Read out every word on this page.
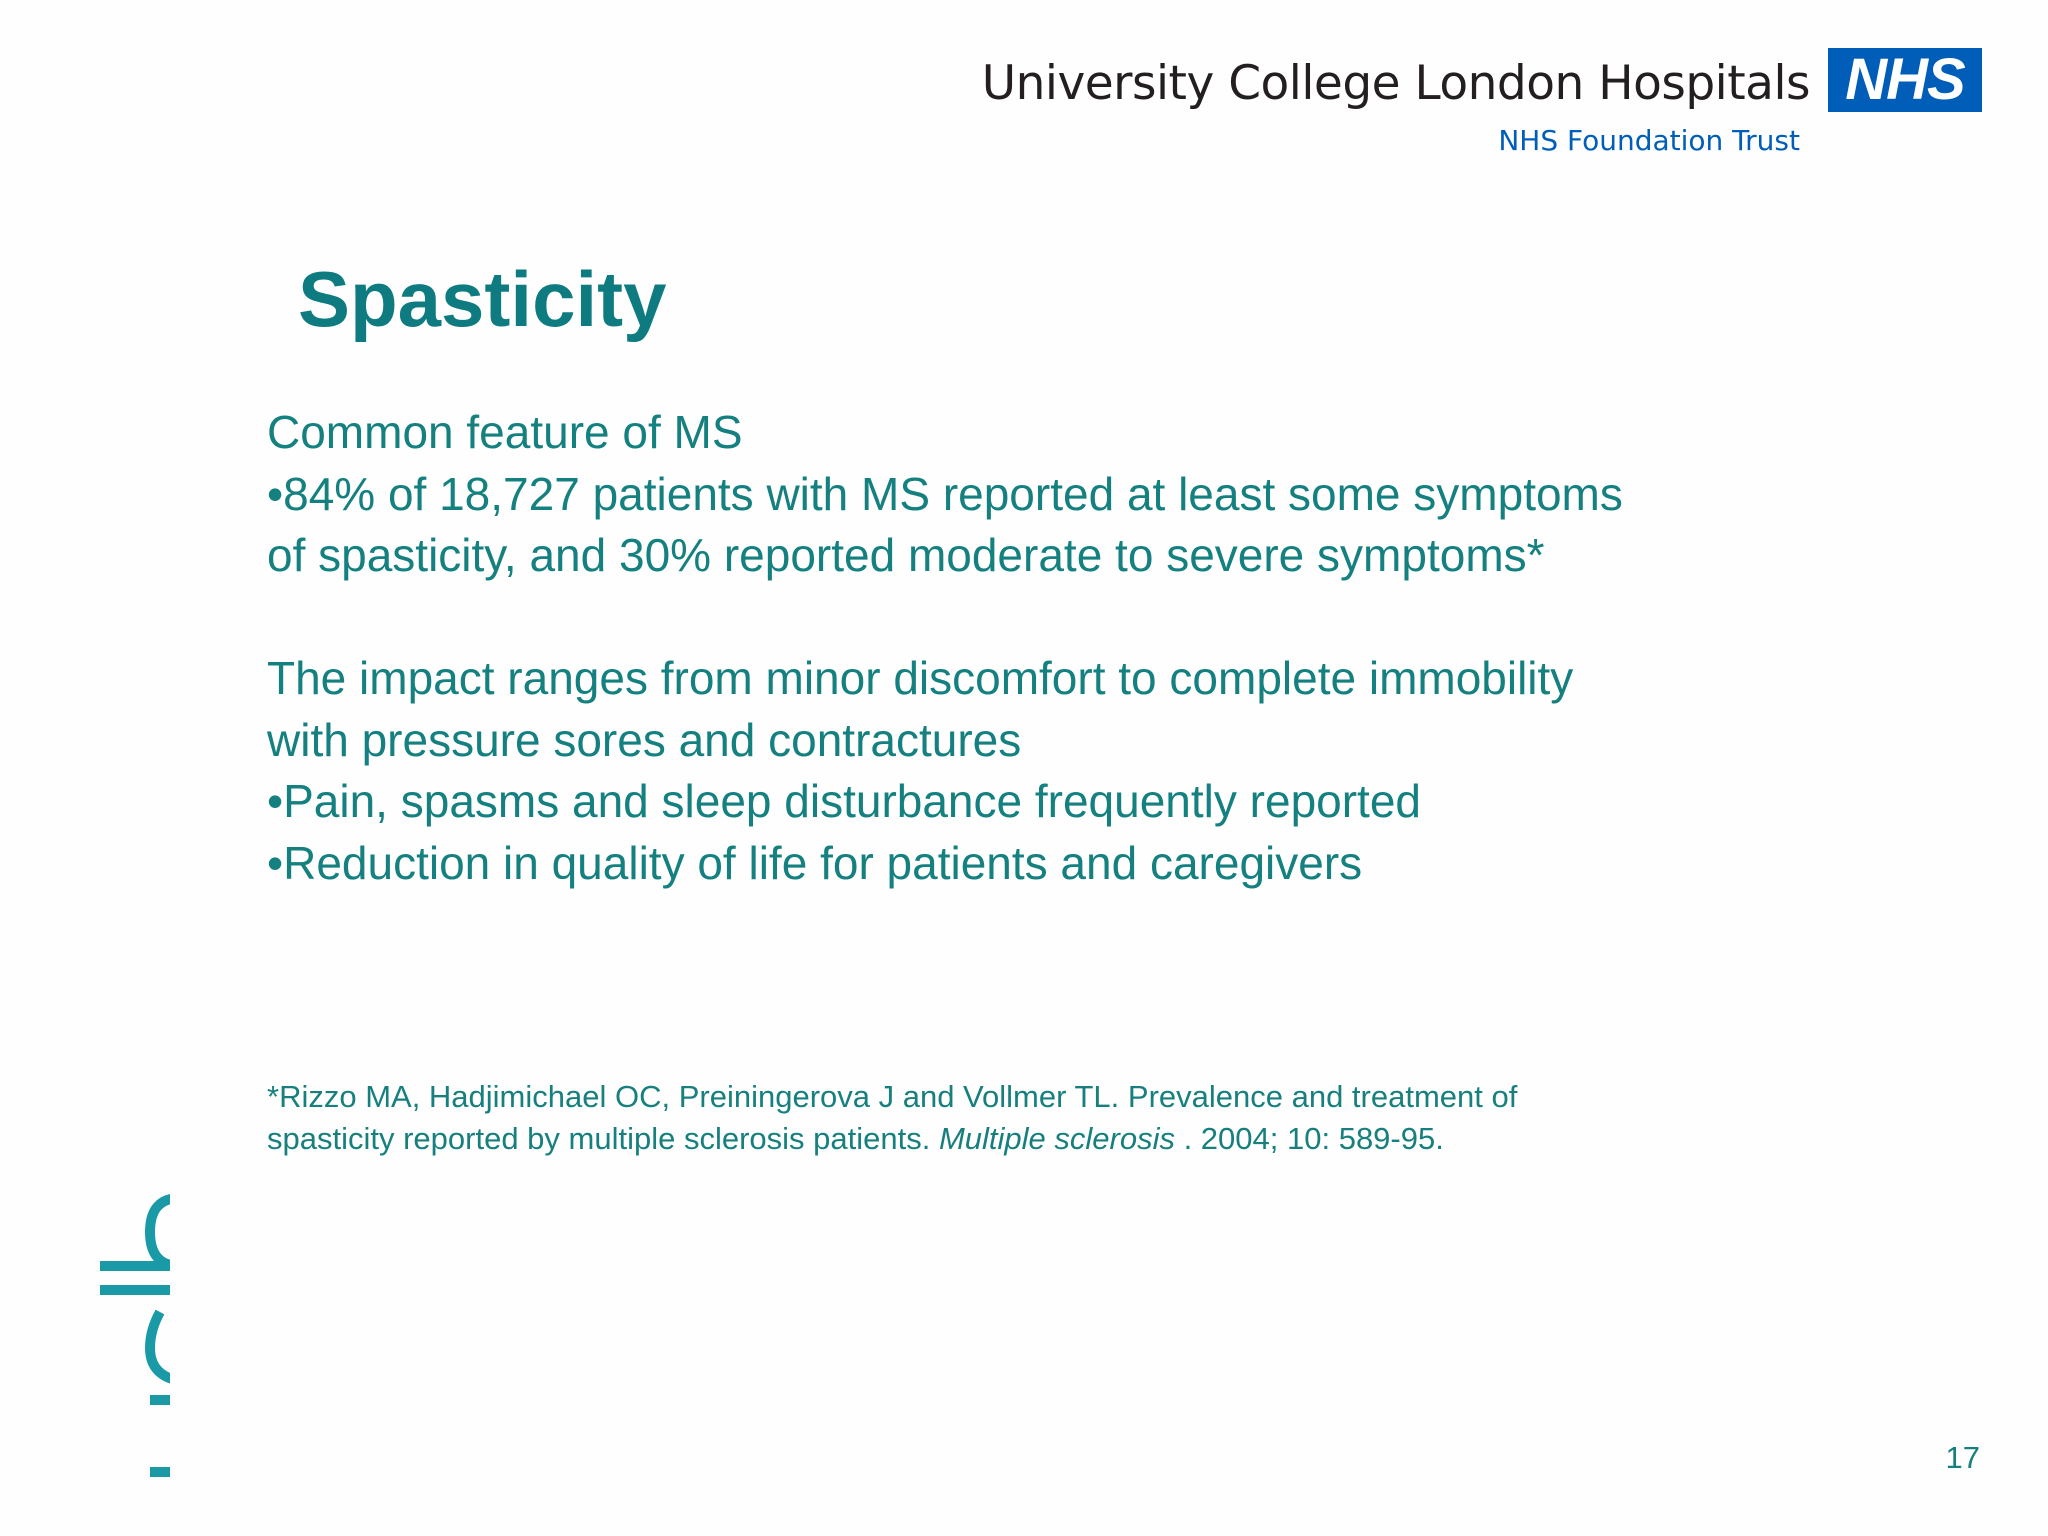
University College London Hospitals
NHS Foundation Trust
NHS
Spasticity
Common feature of MS
•84% of 18,727 patients with MS reported at least some symptoms
of spasticity, and 30% reported moderate to severe symptoms*
The impact ranges from minor discomfort to complete immobility
with pressure sores and contractures
•Pain, spasms and sleep disturbance frequently reported
•Reduction in quality of life for patients and caregivers
*Rizzo MA, Hadjimichael OC, Preiningerova J and Vollmer TL. Prevalence and treatment of
spasticity reported by multiple sclerosis patients. Multiple sclerosis . 2004; 10: 589-95.
17
